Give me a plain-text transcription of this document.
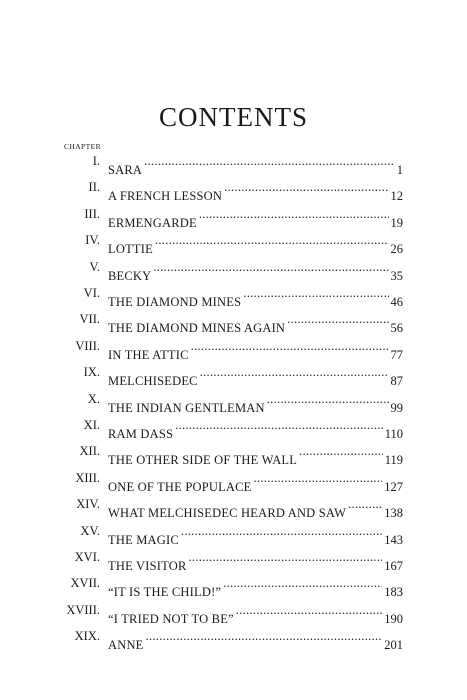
CONTENTS
CHAPTER
I.
SARA .....	1
II.
A FRENCH LESSON .....	12
III.
ERMENGARDE .....	19
IV.
LOTTIE .....	26
V.
BECKY .....	35
VI.
THE DIAMOND MINES .....	46
VII.
THE DIAMOND MINES AGAIN .....	56
VIII.
IN THE ATTIC .....	77
IX.
MELCHISEDEC .....	87
X.
THE INDIAN GENTLEMAN .....	99
XI.
RAM DASS .....	110
XII.
THE OTHER SIDE OF THE WALL .....	119
XIII.
ONE OF THE POPULACE .....	127
XIV.
WHAT MELCHISEDEC HEARD AND SAW .....	138
XV.
THE MAGIC .....	143
XVI.
THE VISITOR .....	167
XVII.
“IT IS THE CHILD!” .....	183
XVIII.
“I TRIED NOT TO BE” .....	190
XIX.
ANNE .....	201
